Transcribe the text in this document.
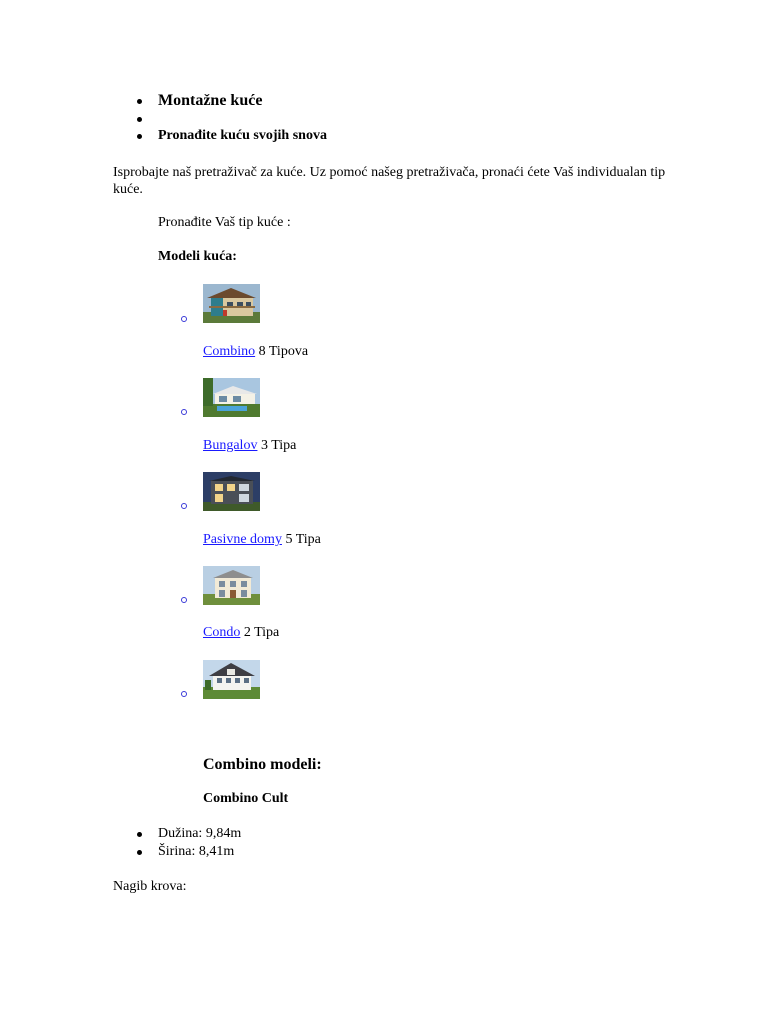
Montažne kuće
Pronađite kuću svojih snova
Isprobajte naš pretraživač za kuće. Uz pomoć našeg pretraživača, pronaći ćete Vaš individualan tip kuće.
Pronađite Vaš tip kuće :
Modeli kuća:
Combino 8 Tipova
Bungalov 3 Tipa
Pasivne domy 5 Tipa
Condo 2 Tipa
Combino modeli:
Combino Cult
Dužina: 9,84m
Širina: 8,41m
Nagib krova:
